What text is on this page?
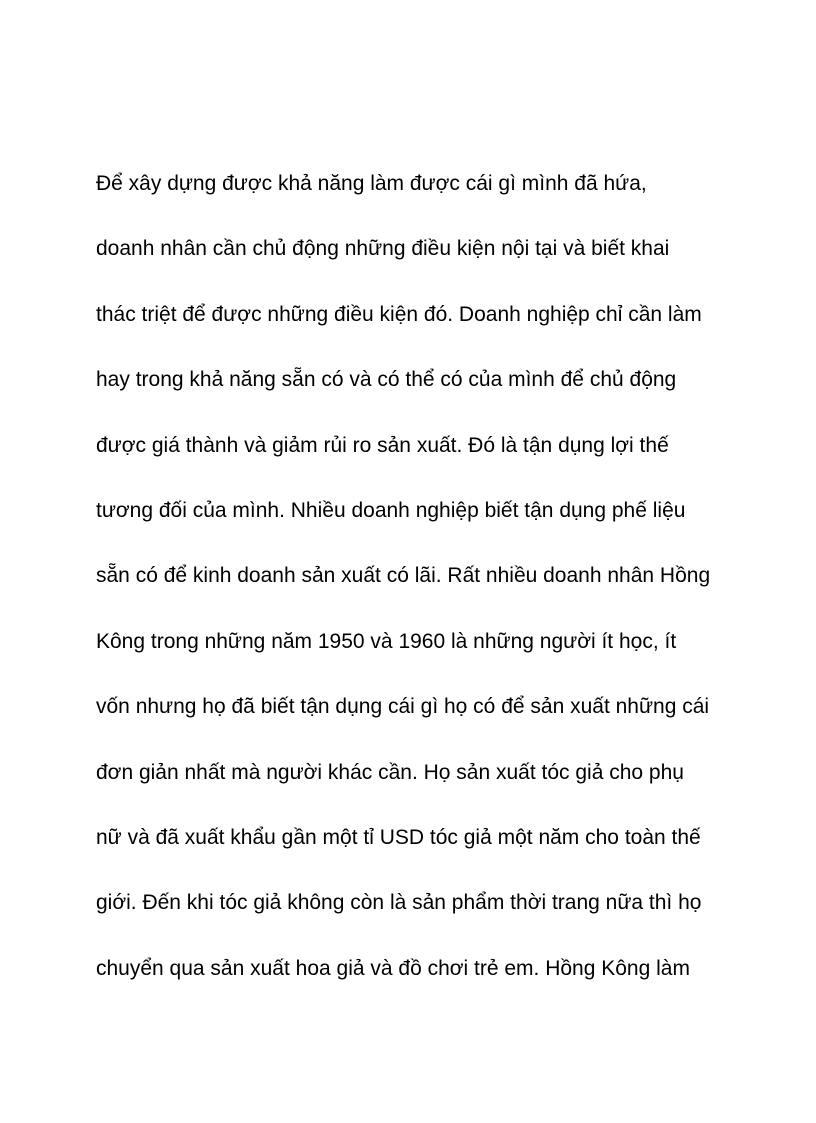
Để xây dựng được khả năng làm được cái gì mình đã hứa,
doanh nhân cần chủ động những điều kiện nội tại và biết khai
thác triệt để được những điều kiện đó. Doanh nghiệp chỉ cần làm
hay trong khả năng sẵn có và có thể có của mình để chủ động
được giá thành và giảm rủi ro sản xuất. Đó là tận dụng lợi thế
tương đối của mình. Nhiều doanh nghiệp biết tận dụng phế liệu
sẵn có để kinh doanh sản xuất có lãi. Rất nhiều doanh nhân Hồng
Kông trong những năm 1950 và 1960 là những người ít học, ít
vốn nhưng họ đã biết tận dụng cái gì họ có để sản xuất những cái
đơn giản nhất mà người khác cần. Họ sản xuất tóc giả cho phụ
nữ và đã xuất khẩu gần một tỉ USD tóc giả một năm cho toàn thế
giới. Đến khi tóc giả không còn là sản phẩm thời trang nữa thì họ
chuyển qua sản xuất hoa giả và đồ chơi trẻ em. Hồng Kông làm
